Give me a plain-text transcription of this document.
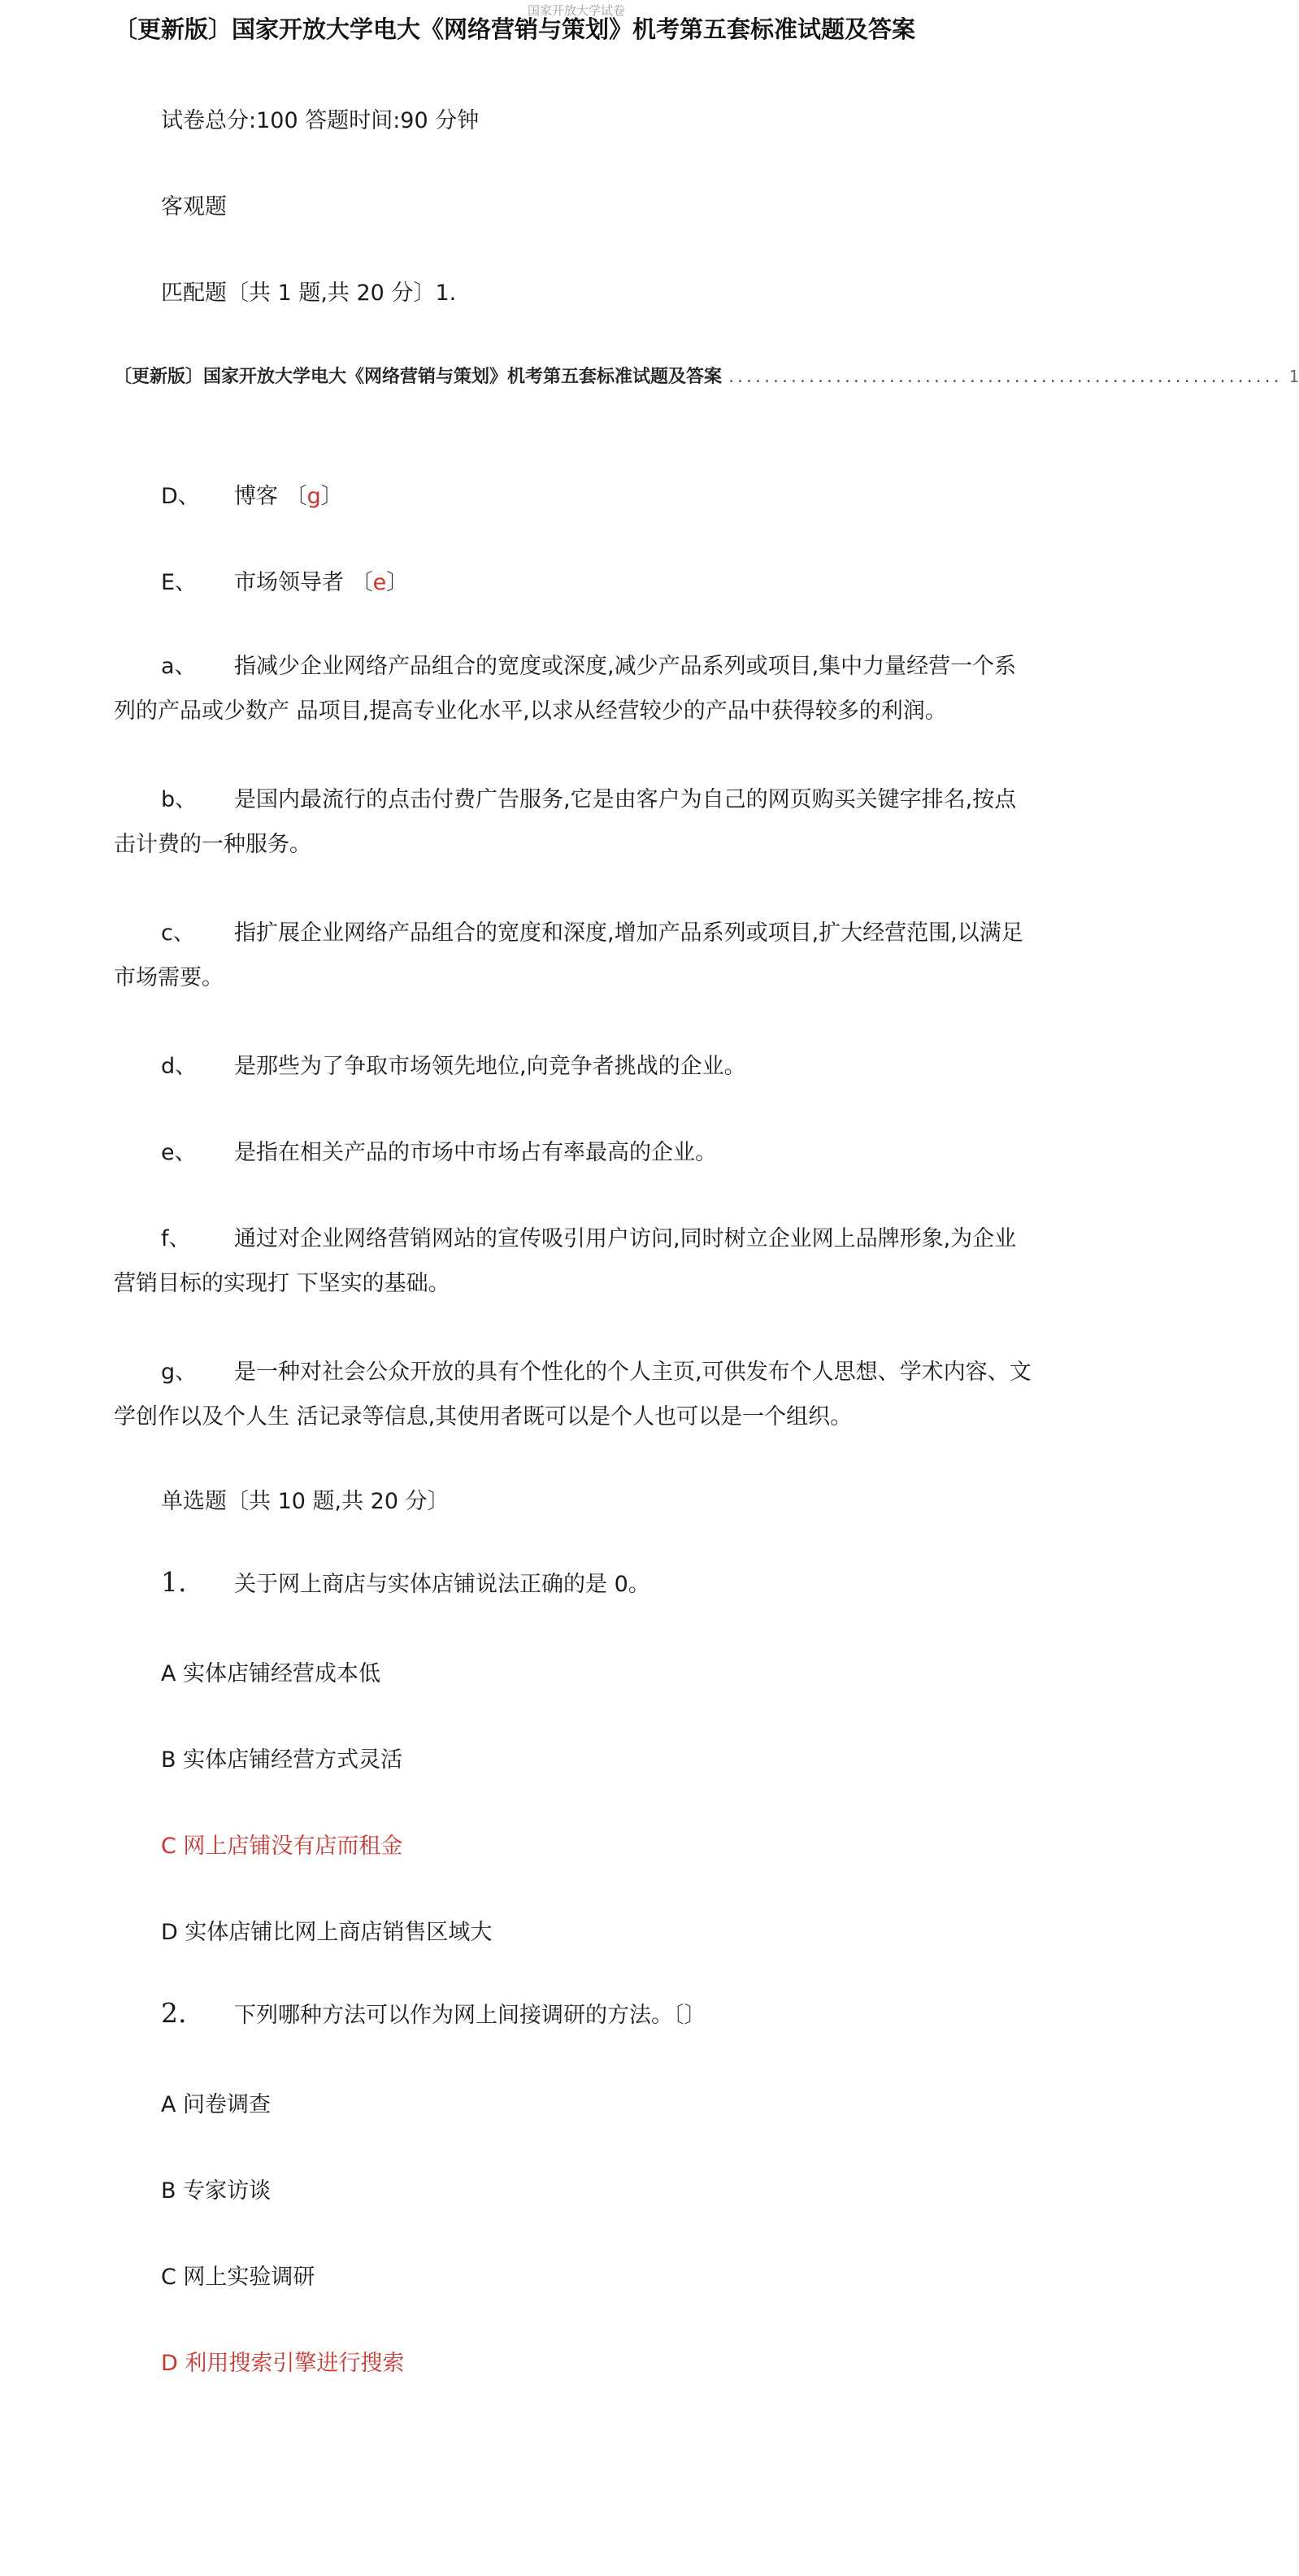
国家开放大学试卷
〔更新版〕国家开放大学电大《网络营销与策划》机考第五套标准试题及答案
试卷总分:100 答题时间:90 分钟
客观题
匹配题〔共 1 题,共 20 分〕1.
〔更新版〕国家开放大学电大《网络营销与策划》机考第五套标准试题及答案 .............................................................. 1
D、 博客 〔g〕
E、 市场领导者 〔e〕
a、 指减少企业网络产品组合的宽度或深度,减少产品系列或项目,集中力量经营一个系列的产品或少数产 品项目,提高专业化水平,以求从经营较少的产品中获得较多的利润。
b、 是国内最流行的点击付费广告服务,它是由客户为自己的网页购买关键字排名,按点击计费的一种服务。
c、 指扩展企业网络产品组合的宽度和深度,增加产品系列或项目,扩大经营范围,以满足市场需要。
d、 是那些为了争取市场领先地位,向竞争者挑战的企业。
e、 是指在相关产品的市场中市场占有率最高的企业。
f、 通过对企业网络营销网站的宣传吸引用户访问,同时树立企业网上品牌形象,为企业营销目标的实现打 下坚实的基础。
g、 是一种对社会公众开放的具有个性化的个人主页,可供发布个人思想、学术内容、文学创作以及个人生 活记录等信息,其使用者既可以是个人也可以是一个组织。
单选题〔共 10 题,共 20 分〕
1. 关于网上商店与实体店铺说法正确的是 0。
A 实体店铺经营成本低
B 实体店铺经营方式灵活
C 网上店铺没有店而租金
D 实体店铺比网上商店销售区域大
2. 下列哪种方法可以作为网上间接调研的方法。〔〕
A 问卷调查
B 专家访谈
C 网上实验调研
D 利用搜索引擎进行搜索
